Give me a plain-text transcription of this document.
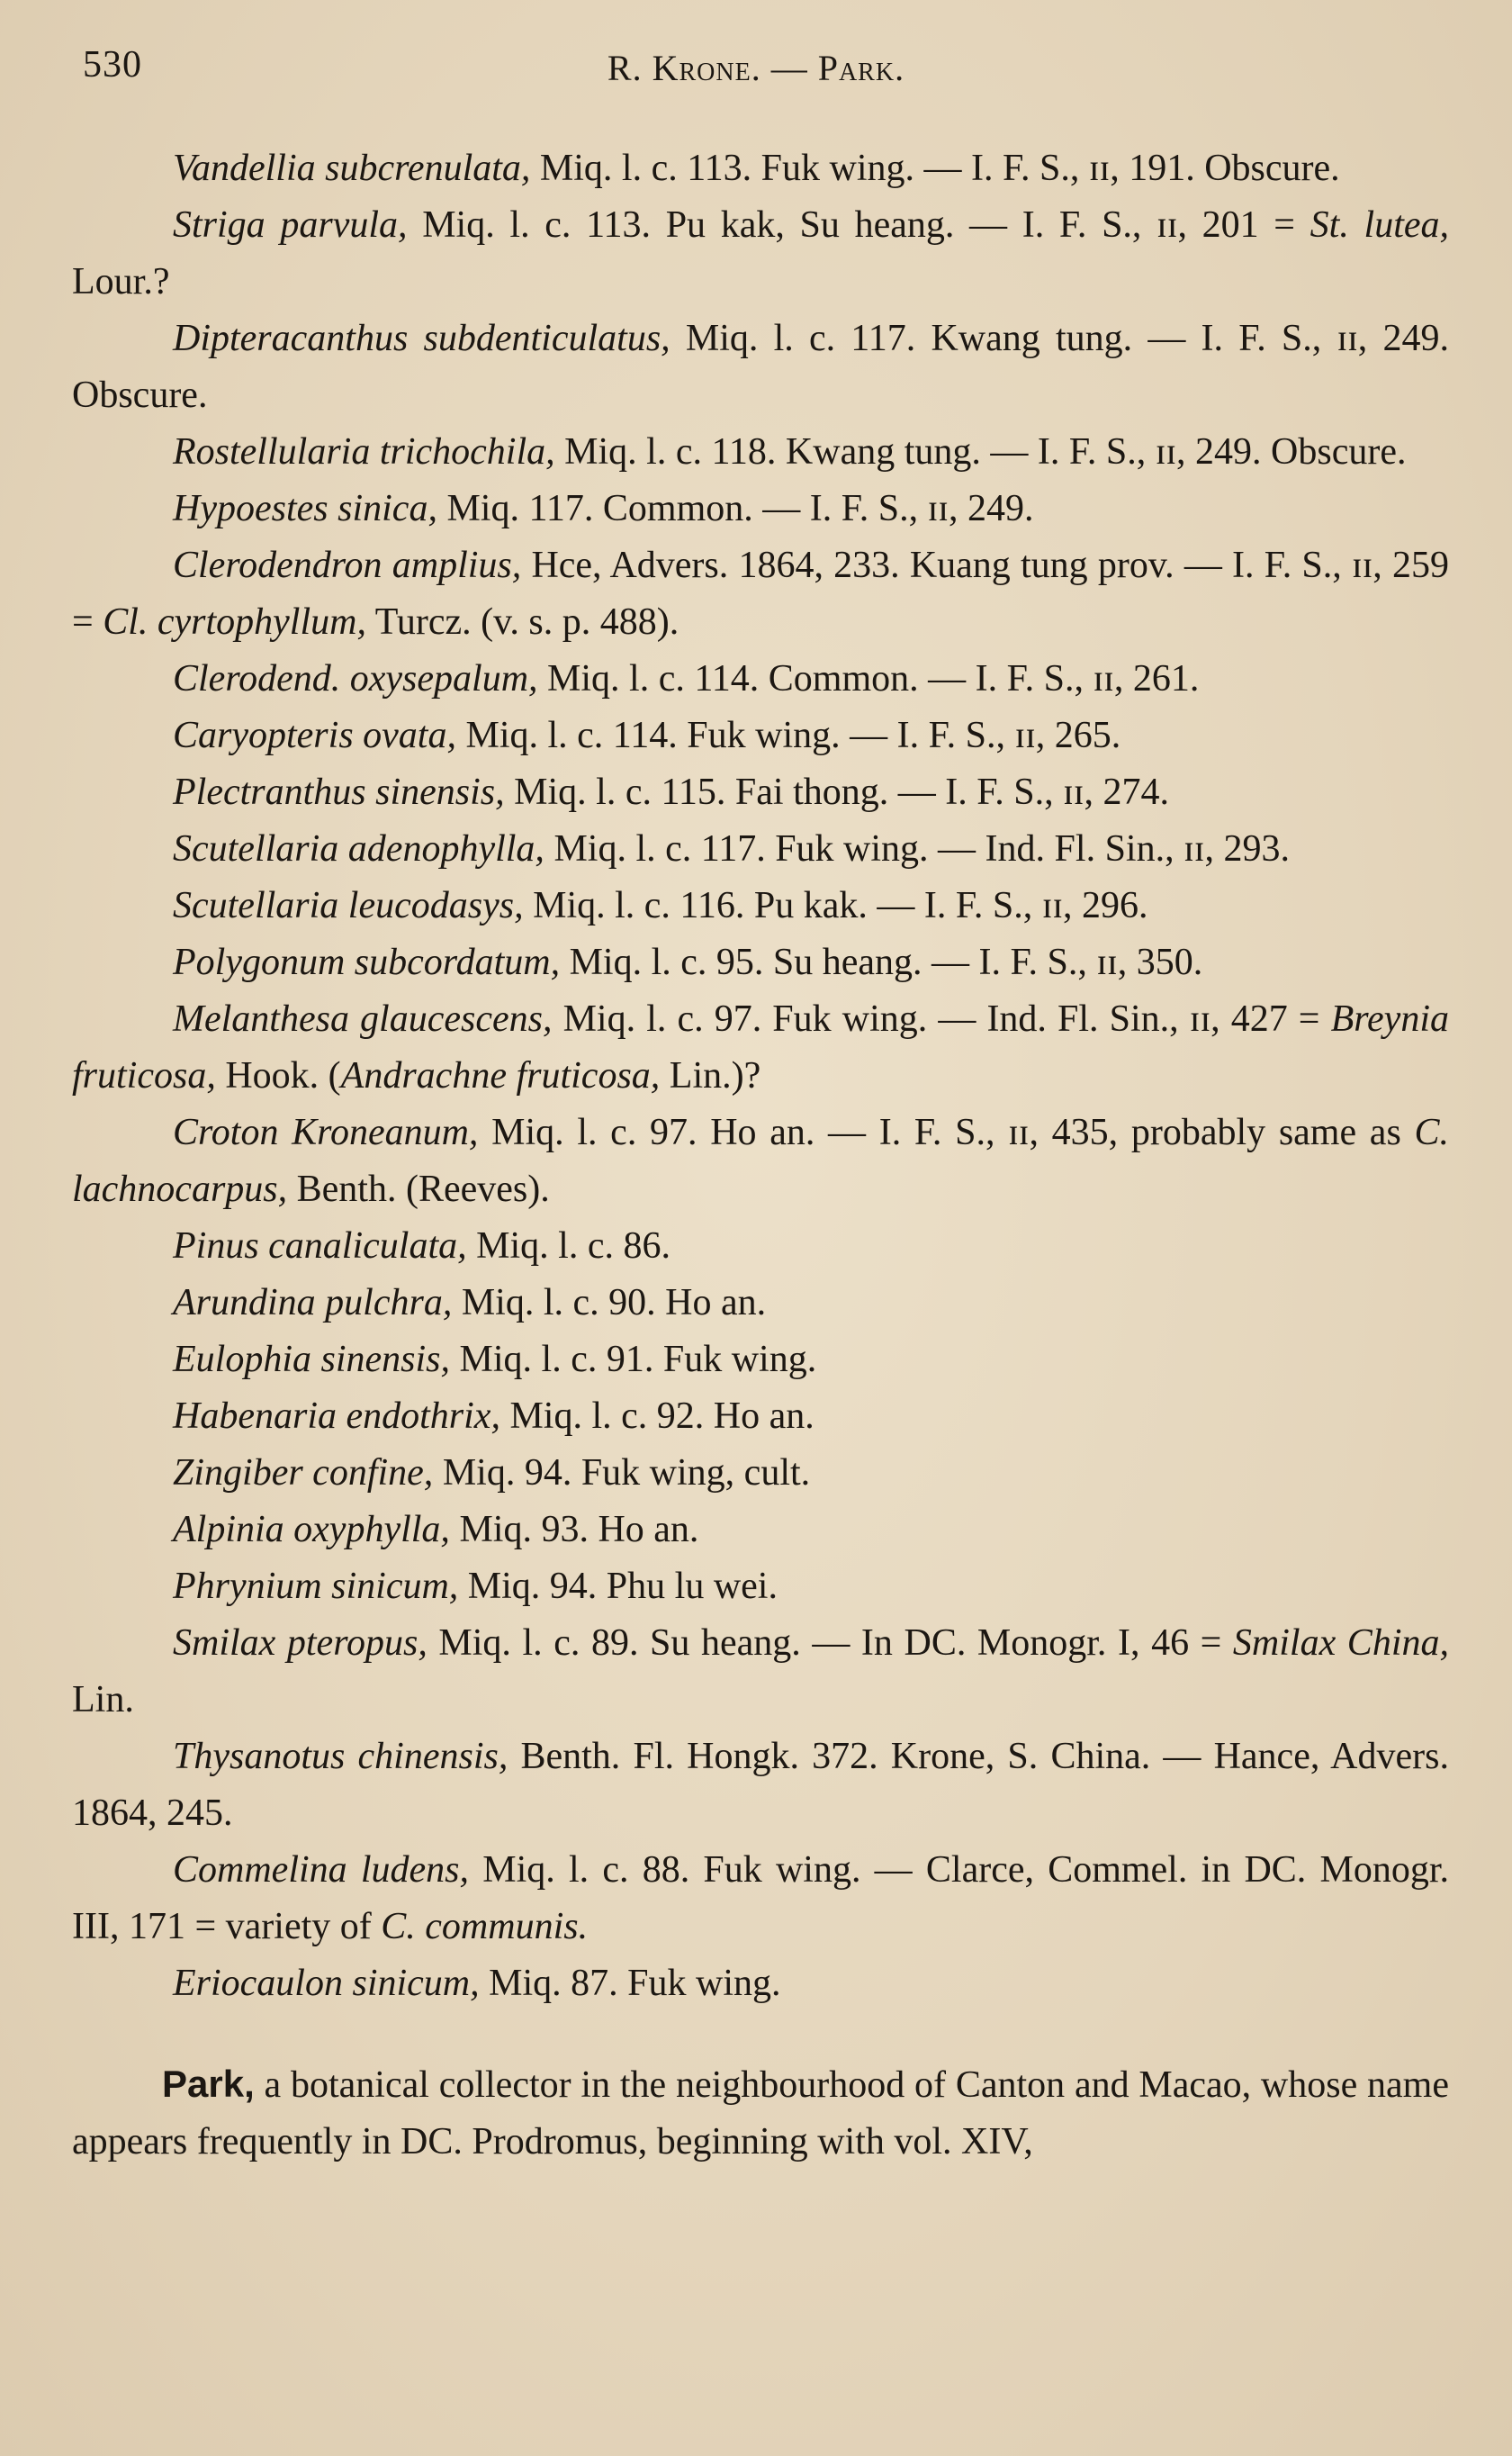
530	R. Krone. — Park.

Vandellia subcrenulata, Miq. l. c. 113. Fuk wing. — I. F. S., ɪɪ, 191. Obscure.

Striga parvula, Miq. l. c. 113. Pu kak, Su heang. — I. F. S., ɪɪ, 201 = St. lutea, Lour.?

Dipteracanthus subdenticulatus, Miq. l. c. 117. Kwang tung. — I. F. S., ɪɪ, 249. Obscure.

Rostellularia trichochila, Miq. l. c. 118. Kwang tung. — I. F. S., ɪɪ, 249. Obscure.

Hypoestes sinica, Miq. 117. Common. — I. F. S., ɪɪ, 249.

Clerodendron amplius, Hce, Advers. 1864, 233. Kuang tung prov. — I. F. S., ɪɪ, 259 = Cl. cyrtophyllum, Turcz. (v. s. p. 488).

Clerodend. oxysepalum, Miq. l. c. 114. Common. — I. F. S., ɪɪ, 261.

Caryopteris ovata, Miq. l. c. 114. Fuk wing. — I. F. S., ɪɪ, 265.

Plectranthus sinensis, Miq. l. c. 115. Fai thong. — I. F. S., ɪɪ, 274.

Scutellaria adenophylla, Miq. l. c. 117. Fuk wing. — Ind. Fl. Sin., ɪɪ, 293.

Scutellaria leucodasys, Miq. l. c. 116. Pu kak. — I. F. S., ɪɪ, 296.

Polygonum subcordatum, Miq. l. c. 95. Su heang. — I. F. S., ɪɪ, 350.

Melanthesa glaucescens, Miq. l. c. 97. Fuk wing. — Ind. Fl. Sin., ɪɪ, 427 = Breynia fruticosa, Hook. (Andrachne fruticosa, Lin.)?

Croton Kroneanum, Miq. l. c. 97. Ho an. — I. F. S., ɪɪ, 435, probably same as C. lachnocarpus, Benth. (Reeves).

Pinus canaliculata, Miq. l. c. 86.

Arundina pulchra, Miq. l. c. 90. Ho an.

Eulophia sinensis, Miq. l. c. 91. Fuk wing.

Habenaria endothrix, Miq. l. c. 92. Ho an.

Zingiber confine, Miq. 94. Fuk wing, cult.

Alpinia oxyphylla, Miq. 93. Ho an.

Phrynium sinicum, Miq. 94. Phu lu wei.

Smilax pteropus, Miq. l. c. 89. Su heang. — In DC. Monogr. I, 46 = Smilax China, Lin.

Thysanotus chinensis, Benth. Fl. Hongk. 372. Krone, S. China. — Hance, Advers. 1864, 245.

Commelina ludens, Miq. l. c. 88. Fuk wing. — Clarce, Commel. in DC. Monogr. III, 171 = variety of C. communis.

Eriocaulon sinicum, Miq. 87. Fuk wing.

Park, a botanical collector in the neighbourhood of Canton and Macao, whose name appears frequently in DC. Prodromus, beginning with vol. XIV,
